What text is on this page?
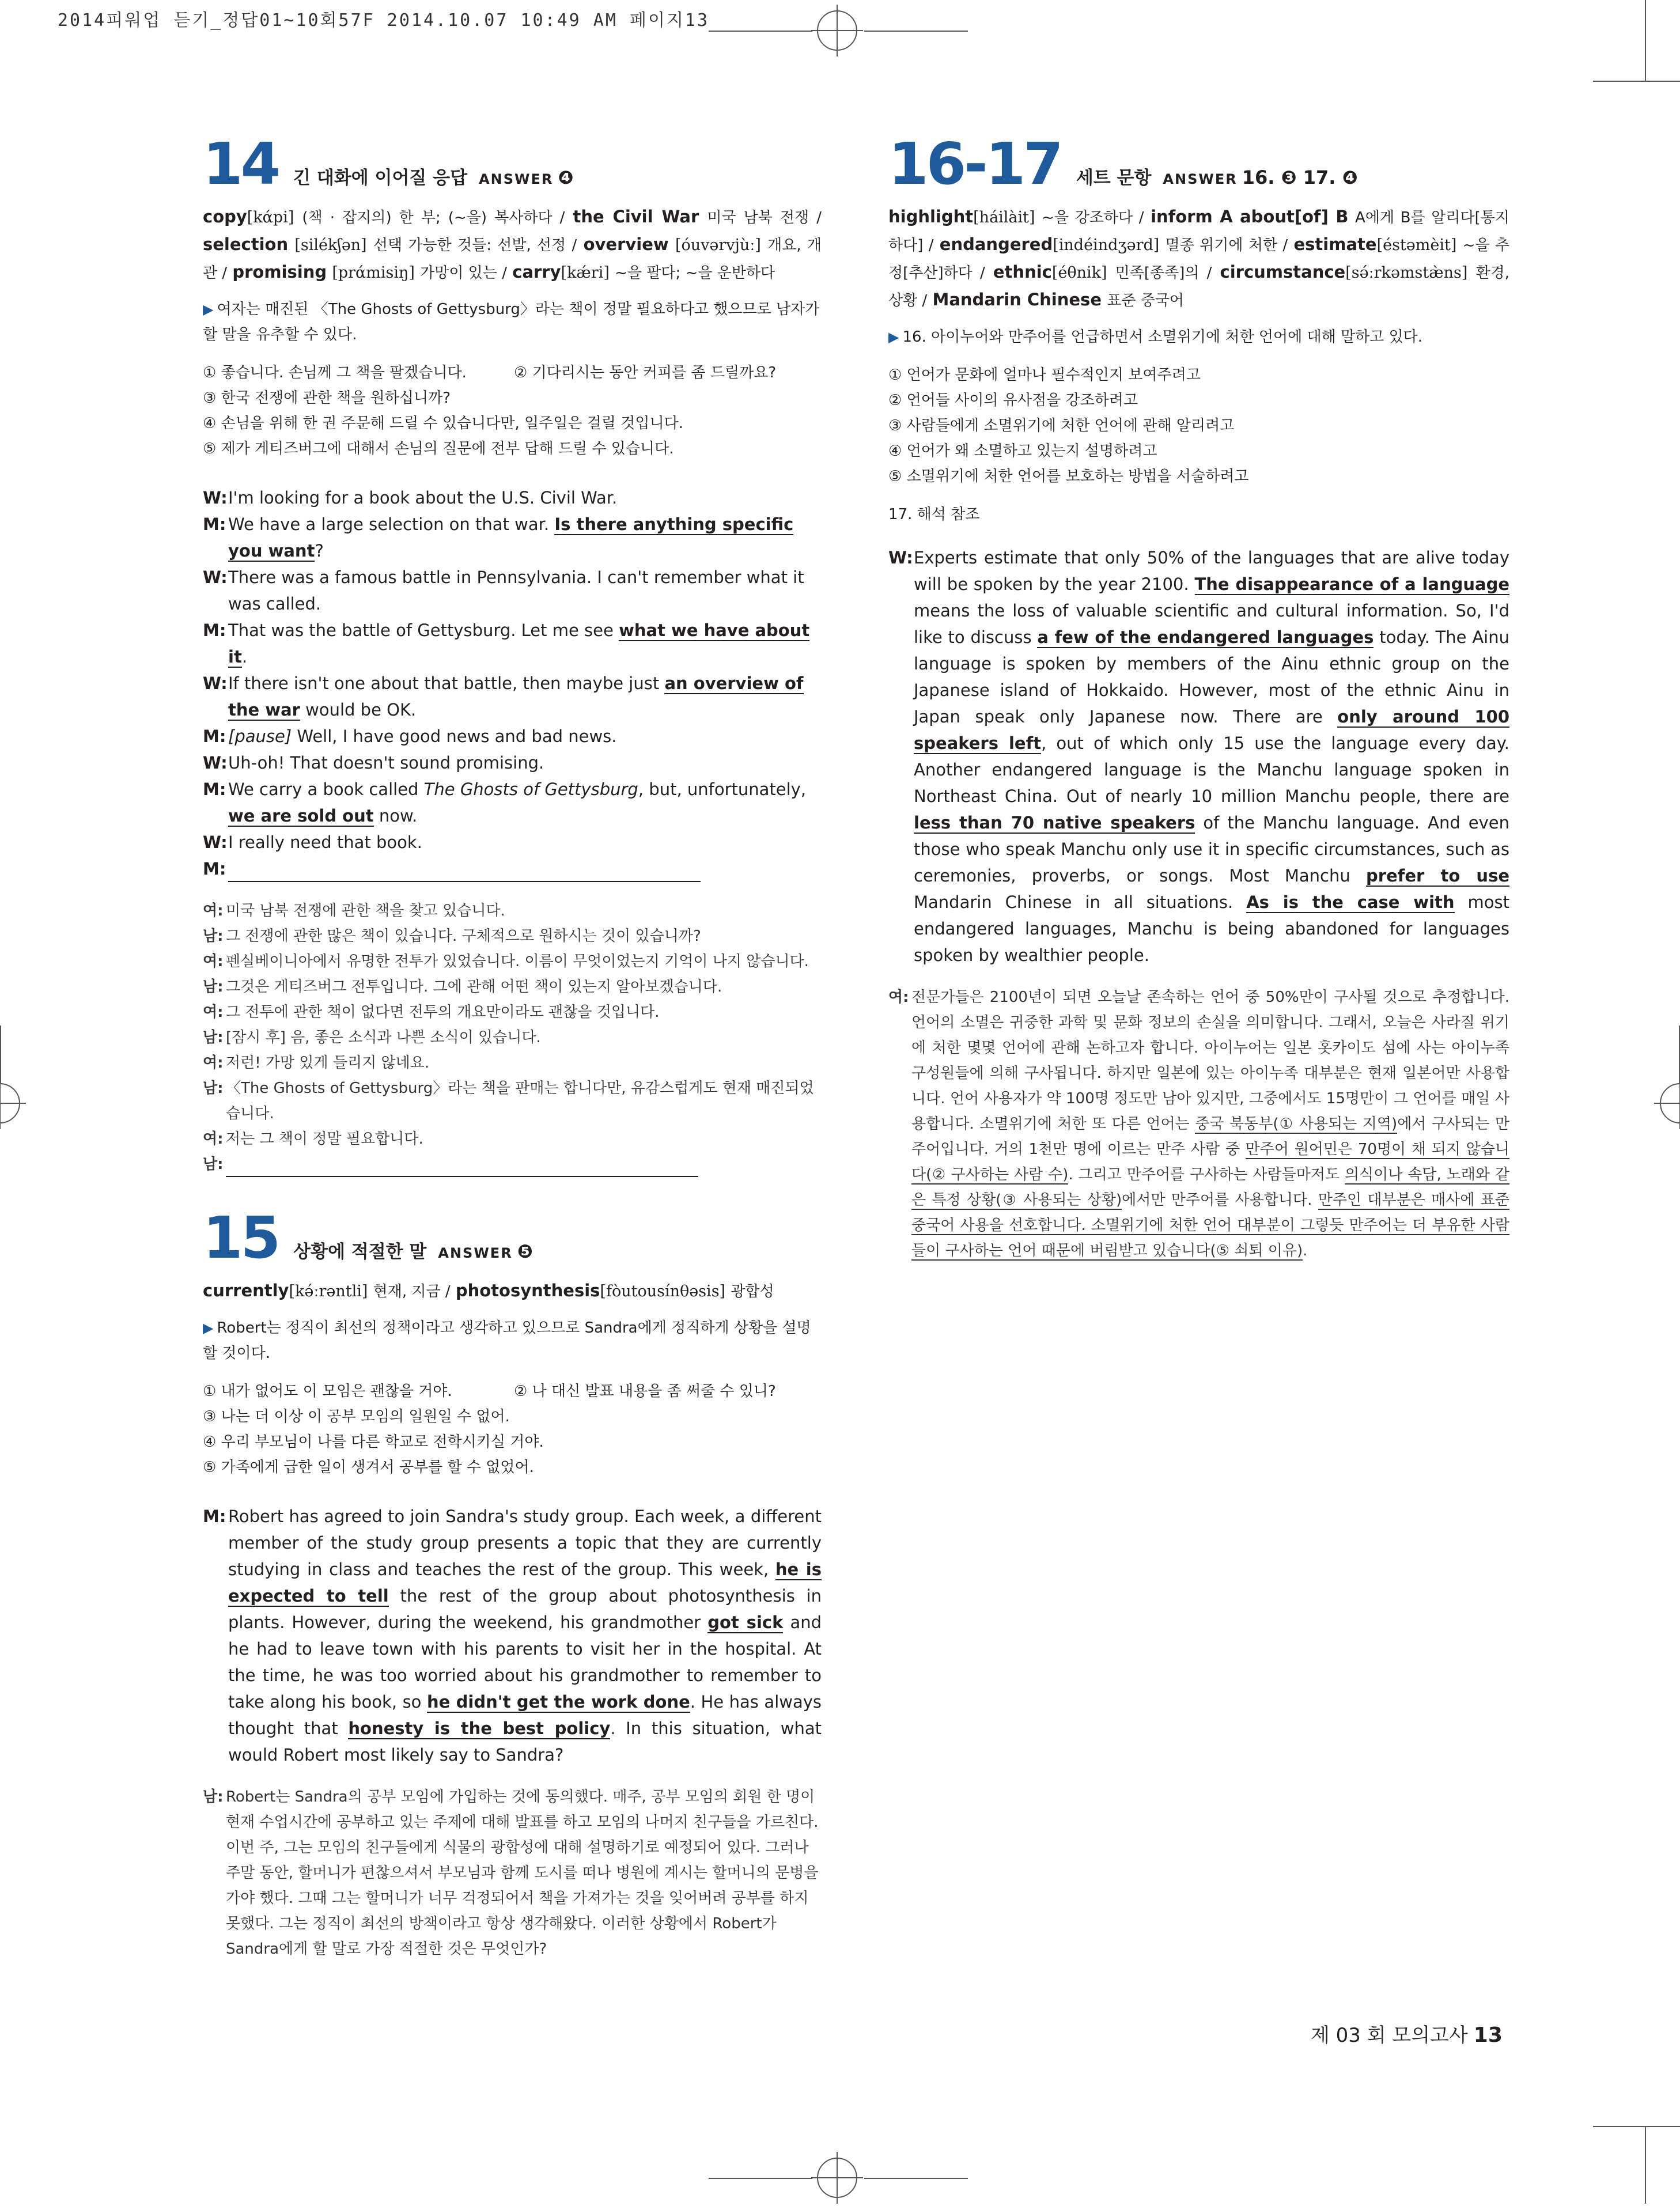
2014피워업 듣기_정답01~10회57F 2014.10.07 10:49 AM 페이지13
14 긴 대화에 이어질 응답 ANSWER ❹
copy[kάpi] (책 · 잡지의) 한 부; (~을) 복사하다 / the Civil War 미국 남북 전쟁 / selection [silékʃən] 선택 가능한 것들: 선발, 선정 / overview [óuvərvjùː] 개요, 개관 / promising [prάmisiŋ] 가망이 있는 / carry[kǽri] ~을 팔다; ~을 운반하다
▶ 여자는 매진된 〈The Ghosts of Gettysburg〉라는 책이 정말 필요하다고 했으므로 남자가 할 말을 유추할 수 있다.
① 좋습니다. 손님께 그 책을 팔겠습니다.	② 기다리시는 동안 커피를 좀 드릴까요?
③ 한국 전쟁에 관한 책을 원하십니까?
④ 손님을 위해 한 권 주문해 드릴 수 있습니다만, 일주일은 걸릴 것입니다.
⑤ 제가 게티즈버그에 대해서 손님의 질문에 전부 답해 드릴 수 있습니다.
W: I'm looking for a book about the U.S. Civil War.
M: We have a large selection on that war. Is there anything specific you want?
W: There was a famous battle in Pennsylvania. I can't remember what it was called.
M: That was the battle of Gettysburg. Let me see what we have about it.
W: If there isn't one about that battle, then maybe just an overview of the war would be OK.
M: [pause] Well, I have good news and bad news.
W: Uh-oh! That doesn't sound promising.
M: We carry a book called The Ghosts of Gettysburg, but, unfortunately, we are sold out now.
W: I really need that book.
M:
여: 미국 남북 전쟁에 관한 책을 찾고 있습니다.
남: 그 전쟁에 관한 많은 책이 있습니다. 구체적으로 원하시는 것이 있습니까?
여: 펜실베이니아에서 유명한 전투가 있었습니다. 이름이 무엇이었는지 기억이 나지 않습니다.
남: 그것은 게티즈버그 전투입니다. 그에 관해 어떤 책이 있는지 알아보겠습니다.
여: 그 전투에 관한 책이 없다면 전투의 개요만이라도 괜찮을 것입니다.
남: [잠시 후] 음, 좋은 소식과 나쁜 소식이 있습니다.
여: 저런! 가망 있게 들리지 않네요.
남: 〈The Ghosts of Gettysburg〉라는 책을 판매는 합니다만, 유감스럽게도 현재 매진되었습니다.
여: 저는 그 책이 정말 필요합니다.
남:
15 상황에 적절한 말 ANSWER ❺
currently[kə́ːrəntli] 현재, 지금 / photosynthesis[fòutousínθəsis] 광합성
▶ Robert는 정직이 최선의 정책이라고 생각하고 있으므로 Sandra에게 정직하게 상황을 설명할 것이다.
① 내가 없어도 이 모임은 괜찮을 거야.	② 나 대신 발표 내용을 좀 써줄 수 있니?
③ 나는 더 이상 이 공부 모임의 일원일 수 없어.
④ 우리 부모님이 나를 다른 학교로 전학시키실 거야.
⑤ 가족에게 급한 일이 생겨서 공부를 할 수 없었어.
M: Robert has agreed to join Sandra's study group. Each week, a different member of the study group presents a topic that they are currently studying in class and teaches the rest of the group. This week, he is expected to tell the rest of the group about photosynthesis in plants. However, during the weekend, his grandmother got sick and he had to leave town with his parents to visit her in the hospital. At the time, he was too worried about his grandmother to remember to take along his book, so he didn't get the work done. He has always thought that honesty is the best policy. In this situation, what would Robert most likely say to Sandra?
남: Robert는 Sandra의 공부 모임에 가입하는 것에 동의했다. 매주, 공부 모임의 회원 한 명이 현재 수업시간에 공부하고 있는 주제에 대해 발표를 하고 모임의 나머지 친구들을 가르친다. 이번 주, 그는 모임의 친구들에게 식물의 광합성에 대해 설명하기로 예정되어 있다. 그러나 주말 동안, 할머니가 편찮으셔서 부모님과 함께 도시를 떠나 병원에 계시는 할머니의 문병을 가야 했다. 그때 그는 할머니가 너무 걱정되어서 책을 가져가는 것을 잊어버려 공부를 하지 못했다. 그는 정직이 최선의 방책이라고 항상 생각해왔다. 이러한 상황에서 Robert가 Sandra에게 할 말로 가장 적절한 것은 무엇인가?
16-17 세트 문항 ANSWER 16. ❸ 17. ❹
highlight[háilàit] ~을 강조하다 / inform A about[of] B A에게 B를 알리다[통지하다] / endangered[indéindʒərd] 멸종 위기에 처한 / estimate[éstəmèit] ~을 추정[추산]하다 / ethnic[éθnik] 민족[종족]의 / circumstance[sə́ːrkəmstæ̀ns] 환경, 상황 / Mandarin Chinese 표준 중국어
▶ 16. 아이누어와 만주어를 언급하면서 소멸위기에 처한 언어에 대해 말하고 있다.
① 언어가 문화에 얼마나 필수적인지 보여주려고
② 언어들 사이의 유사점을 강조하려고
③ 사람들에게 소멸위기에 처한 언어에 관해 알리려고
④ 언어가 왜 소멸하고 있는지 설명하려고
⑤ 소멸위기에 처한 언어를 보호하는 방법을 서술하려고
17. 해석 참조
W: Experts estimate that only 50% of the languages that are alive today will be spoken by the year 2100. The disappearance of a language means the loss of valuable scientific and cultural information. So, I'd like to discuss a few of the endangered languages today. The Ainu language is spoken by members of the Ainu ethnic group on the Japanese island of Hokkaido. However, most of the ethnic Ainu in Japan speak only Japanese now. There are only around 100 speakers left, out of which only 15 use the language every day. Another endangered language is the Manchu language spoken in Northeast China. Out of nearly 10 million Manchu people, there are less than 70 native speakers of the Manchu language. And even those who speak Manchu only use it in specific circumstances, such as ceremonies, proverbs, or songs. Most Manchu prefer to use Mandarin Chinese in all situations. As is the case with most endangered languages, Manchu is being abandoned for languages spoken by wealthier people.
여: 전문가들은 2100년이 되면 오늘날 존속하는 언어 중 50%만이 구사될 것으로 추정합니다. 언어의 소멸은 귀중한 과학 및 문화 정보의 손실을 의미합니다. 그래서, 오늘은 사라질 위기에 처한 몇몇 언어에 관해 논하고자 합니다. 아이누어는 일본 홋카이도 섬에 사는 아이누족 구성원들에 의해 구사됩니다. 하지만 일본에 있는 아이누족 대부분은 현재 일본어만 사용합니다. 언어 사용자가 약 100명 정도만 남아 있지만, 그중에서도 15명만이 그 언어를 매일 사용합니다. 소멸위기에 처한 또 다른 언어는 중국 북동부(① 사용되는 지역)에서 구사되는 만주어입니다. 거의 1천만 명에 이르는 만주 사람 중 만주어 원어민은 70명이 채 되지 않습니다(② 구사하는 사람 수). 그리고 만주어를 구사하는 사람들마저도 의식이나 속담, 노래와 같은 특정 상황(③ 사용되는 상황)에서만 만주어를 사용합니다. 만주인 대부분은 매사에 표준 중국어 사용을 선호합니다. 소멸위기에 처한 언어 대부분이 그렇듯 만주어는 더 부유한 사람들이 구사하는 언어 때문에 버림받고 있습니다(⑤ 쇠퇴 이유).
제 03 회 모의고사 13
